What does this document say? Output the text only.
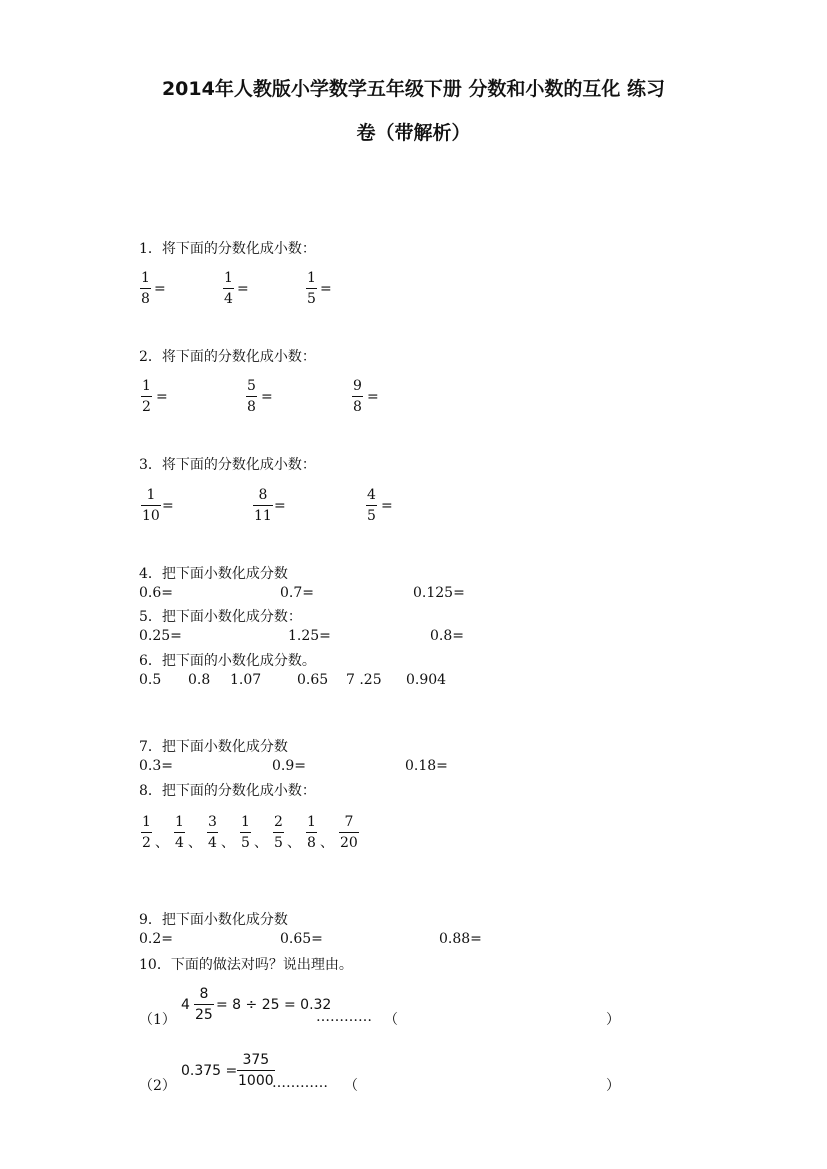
2014年人教版小学数学五年级下册 分数和小数的互化 练习
卷（带解析）
1．将下面的分数化成小数：
1
8
=
1
4
=
1
5
=
2．将下面的分数化成小数：
1
2
=
5
8
=
9
8
=
3．将下面的分数化成小数：
1
10
=
8
11
=
4
5
=
4．把下面小数化成分数
0.6=	0.7=	0.125=
5．把下面小数化成分数：
0.25=	1.25=	0.8=
6．把下面的小数化成分数。
0.5 0.8 1.07	0.65 7 .25 0.904
7．把下面小数化成分数
0.3=	0.9=	0.18=
8．把下面的分数化成小数：
1
2 、
1
4 、
3
4 、
1
5 、
2
5 、
1
8 、
7
20
9．把下面小数化成分数
0.2=	0.65=	0.88=
10．下面的做法对吗？说出理由。
（1）
4
8
25
= 8 ÷ 25 = 0.32
………… （	）
（2）
0.375 =
375
1000
………… （	）
